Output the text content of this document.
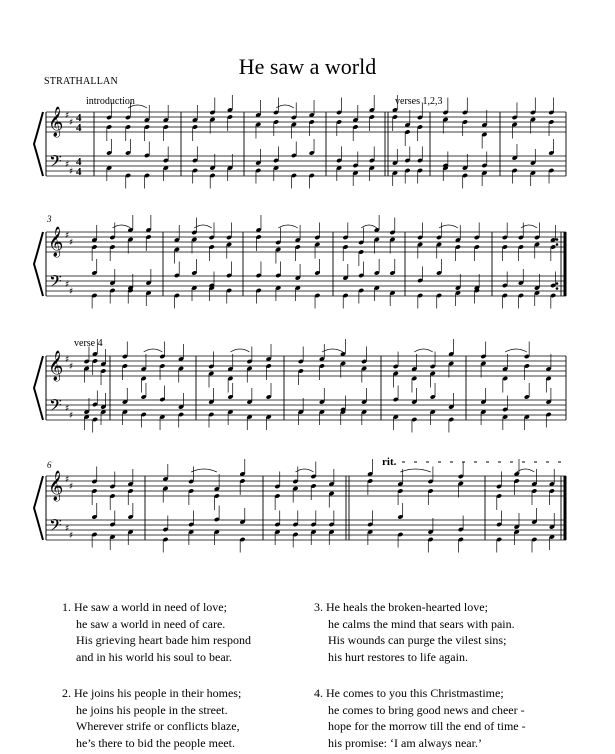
He saw a world
STRATHALLAN
𝄞
𝄢
♯
♯
♯
♯
4
4
4
4
𝄞
𝄢
♯
♯
♯
♯
𝄞
𝄢
♯
♯
♯
♯
𝄞
𝄢
♯
♯
♯
♯
introduction	verses 1,2,3
3
verse 4
6	rit.
1. He saw a world in need of love;
he saw a world in need of care.
His grieving heart bade him respond
and in his world his soul to bear.
2. He joins his people in their homes;
he joins his people in the street.
Wherever strife or conflicts blaze,
he’s there to bid the people meet.
3. He heals the broken-hearted love;
he calms the mind that sears with pain.
His wounds can purge the vilest sins;
his hurt restores to life again.
4. He comes to you this Christmastime;
he comes to bring good news and cheer -
hope for the morrow till the end of time -
his promise: ‘I am always near.’
